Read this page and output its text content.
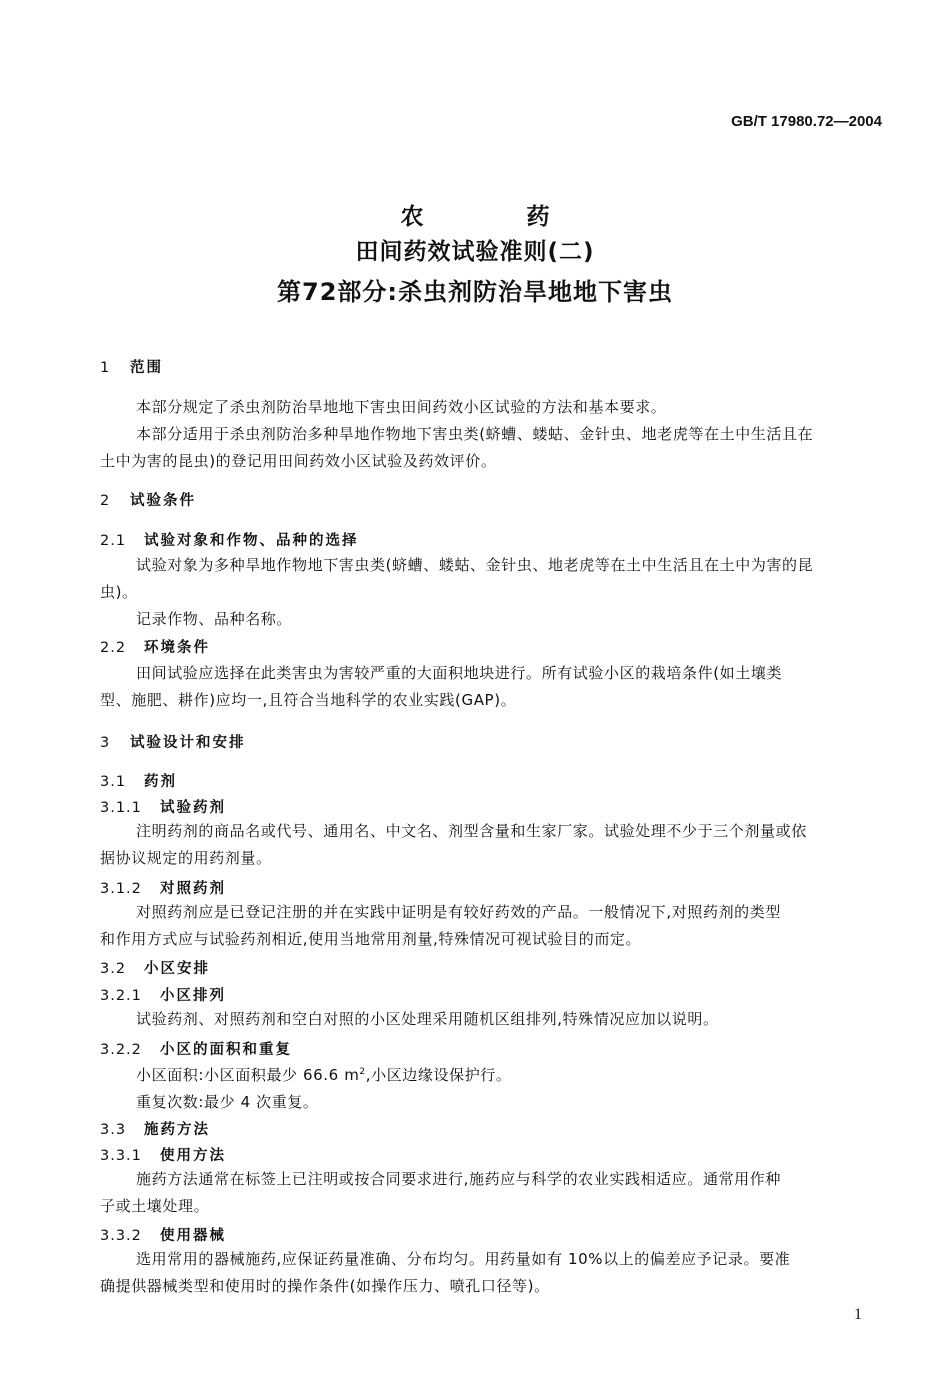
GB/T 17980.72—2004
农　药
田间药效试验准则(二)
第72部分:杀虫剂防治旱地地下害虫
1 范围
本部分规定了杀虫剂防治旱地地下害虫田间药效小区试验的方法和基本要求。
本部分适用于杀虫剂防治多种旱地作物地下害虫类(蛴螬、蝼蛄、金针虫、地老虎等在土中生活且在
土中为害的昆虫)的登记用田间药效小区试验及药效评价。
2 试验条件
2.1 试验对象和作物、品种的选择
试验对象为多种旱地作物地下害虫类(蛴螬、蝼蛄、金针虫、地老虎等在土中生活且在土中为害的昆
虫)。
记录作物、品种名称。
2.2 环境条件
田间试验应选择在此类害虫为害较严重的大面积地块进行。所有试验小区的栽培条件(如土壤类
型、施肥、耕作)应均一,且符合当地科学的农业实践(GAP)。
3 试验设计和安排
3.1 药剂
3.1.1 试验药剂
注明药剂的商品名或代号、通用名、中文名、剂型含量和生家厂家。试验处理不少于三个剂量或依
据协议规定的用药剂量。
3.1.2 对照药剂
对照药剂应是已登记注册的并在实践中证明是有较好药效的产品。一般情况下,对照药剂的类型
和作用方式应与试验药剂相近,使用当地常用剂量,特殊情况可视试验目的而定。
3.2 小区安排
3.2.1 小区排列
试验药剂、对照药剂和空白对照的小区处理采用随机区组排列,特殊情况应加以说明。
3.2.2 小区的面积和重复
小区面积:小区面积最少 66.6 $m^2$,小区边缘设保护行。
重复次数:最少 4 次重复。
3.3 施药方法
3.3.1 使用方法
施药方法通常在标签上已注明或按合同要求进行,施药应与科学的农业实践相适应。通常用作种
子或土壤处理。
3.3.2 使用器械
选用常用的器械施药,应保证药量准确、分布均匀。用药量如有 10%以上的偏差应予记录。要准
确提供器械类型和使用时的操作条件(如操作压力、喷孔口径等)。
1
